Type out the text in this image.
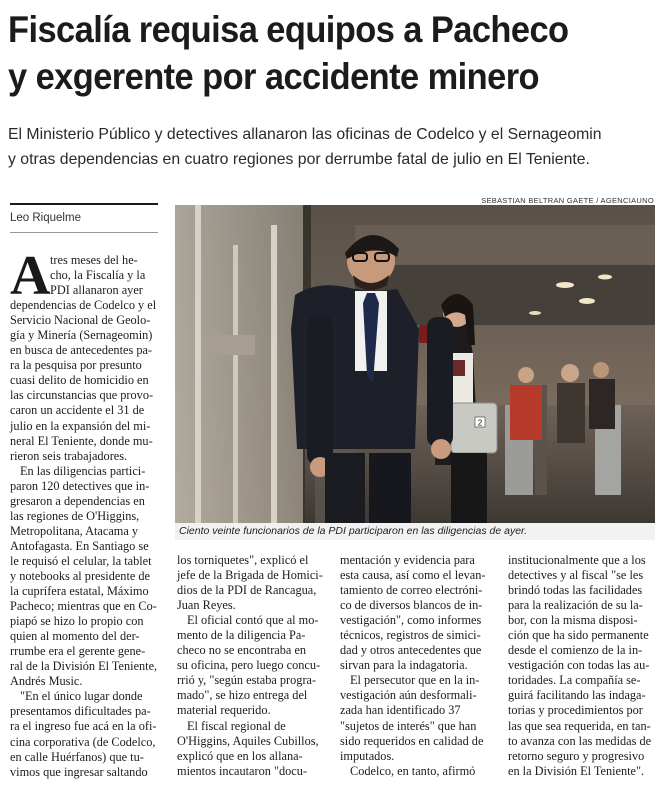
Fiscalía requisa equipos a Pacheco
y exgerente por accidente minero

El Ministerio Público y detectives allanaron las oficinas de Codelco y el Sernageomin
y otras dependencias en cuatro regiones por derrumbe fatal de julio en El Teniente.

Leo Riquelme
SEBASTIAN BELTRAN GAETE / AGENCIAUNO
2
Ciento veinte funcionarios de la PDI participaron en las diligencias de ayer.
A tres meses del he-
cho, la Fiscalía y la
PDI allanaron ayer
dependencias de Codelco y el
Servicio Nacional de Geolo-
gía y Minería (Sernageomin)
en busca de antecedentes pa-
ra la pesquisa por presunto
cuasi delito de homicidio en
las circunstancias que provo-
caron un accidente el 31 de
julio en la expansión del mi-
neral El Teniente, donde mu-
rieron seis trabajadores.
En las diligencias partici-
paron 120 detectives que in-
gresaron a dependencias en
las regiones de O'Higgins,
Metropolitana, Atacama y
Antofagasta. En Santiago se
le requisó el celular, la tablet
y notebooks al presidente de
la cuprífera estatal, Máximo
Pacheco; mientras que en Co-
piapó se hizo lo propio con
quien al momento del der-
rrumbe era el gerente gene-
ral de la División El Teniente,
Andrés Music.
"En el único lugar donde
presentamos dificultades pa-
ra el ingreso fue acá en la ofi-
cina corporativa (de Codelco,
en calle Huérfanos) que tu-
vimos que ingresar saltando
los torniquetes", explicó el
jefe de la Brigada de Homici-
dios de la PDI de Rancagua,
Juan Reyes.
El oficial contó que al mo-
mento de la diligencia Pa-
checo no se encontraba en
su oficina, pero luego concu-
rrió y, "según estaba progra-
mado", se hizo entrega del
material requerido.
El fiscal regional de
O'Higgins, Aquiles Cubillos,
explicó que en los allana-
mientos incautaron "docu-
mentación y evidencia para
esta causa, así como el levan-
tamiento de correo electróni-
co de diversos blancos de in-
vestigación", como informes
técnicos, registros de simici-
dad y otros antecedentes que
sirvan para la indagatoria.
El persecutor que en la in-
vestigación aún desformali-
zada han identificado 37
"sujetos de interés" que han
sido requeridos en calidad de
imputados.
Codelco, en tanto, afirmó
institucionalmente que a los
detectives y al fiscal "se les
brindó todas las facilidades
para la realización de su la-
bor, con la misma disposi-
ción que ha sido permanente
desde el comienzo de la in-
vestigación con todas las au-
toridades. La compañía se-
guirá facilitando las indaga-
torias y procedimientos por
las que sea requerida, en tan-
to avanza con las medidas de
retorno seguro y progresivo
en la División El Teniente".
